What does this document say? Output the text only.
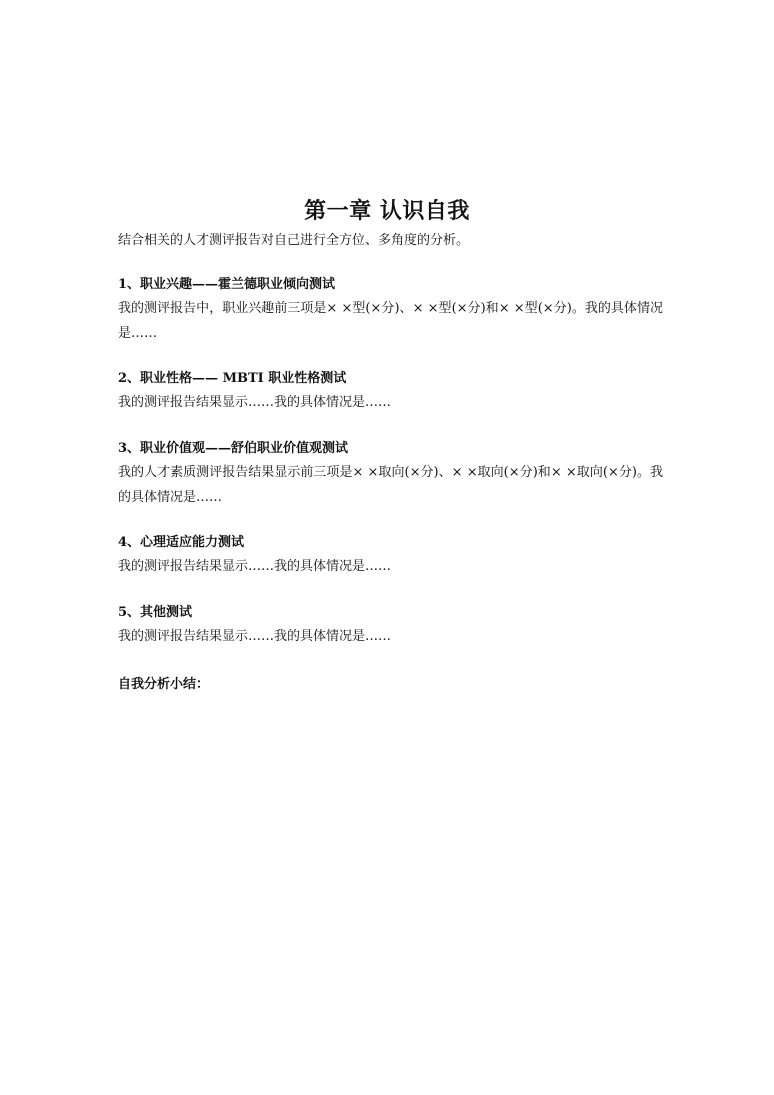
第一章 认识自我

结合相关的人才测评报告对自己进行全方位、多角度的分析。

1、职业兴趣——霍兰德职业倾向测试

我的测评报告中，职业兴趣前三项是× ×型(×分)、× ×型(×分)和× ×型(×分)。我的具体情况是……

2、职业性格—— MBTI 职业性格测试

我的测评报告结果显示……我的具体情况是……

3、职业价值观——舒伯职业价值观测试

我的人才素质测评报告结果显示前三项是× ×取向(×分)、× ×取向(×分)和× ×取向(×分)。我的具体情况是……

4、心理适应能力测试

我的测评报告结果显示……我的具体情况是……

5、其他测试

我的测评报告结果显示……我的具体情况是……

自我分析小结：
